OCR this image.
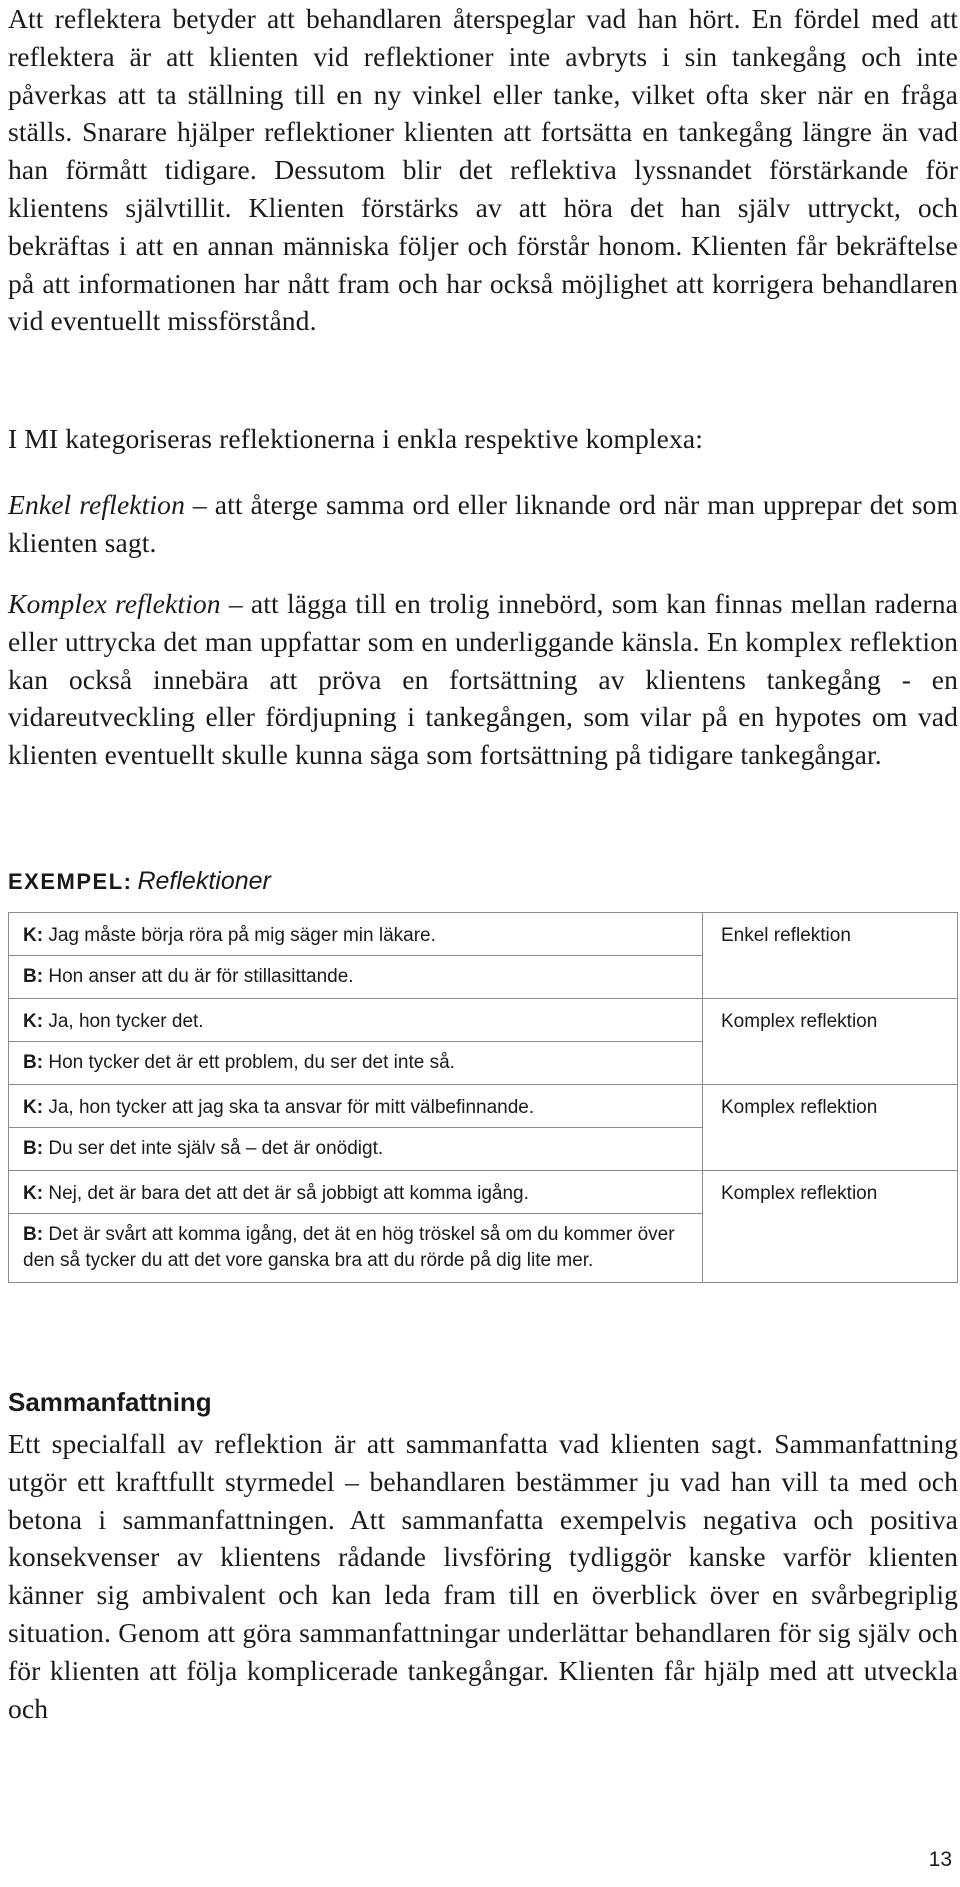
Att reflektera betyder att behandlaren återspeglar vad han hört. En fördel med att reflektera är att klienten vid reflektioner inte avbryts i sin tankegång och inte påverkas att ta ställning till en ny vinkel eller tanke, vilket ofta sker när en fråga ställs. Snarare hjälper reflektioner klienten att fortsätta en tankegång längre än vad han förmått tidigare. Dessutom blir det reflektiva lyssnandet förstärkande för klientens självtillit. Klienten förstärks av att höra det han själv uttryckt, och bekräftas i att en annan människa följer och förstår honom. Klienten får bekräftelse på att informationen har nått fram och har också möjlighet att korrigera behandlaren vid eventuellt missförstånd.

I MI kategoriseras reflektionerna i enkla respektive komplexa:

Enkel reflektion – att återge samma ord eller liknande ord när man upprepar det som klienten sagt.

Komplex reflektion – att lägga till en trolig innebörd, som kan finnas mellan raderna eller uttrycka det man uppfattar som en underliggande känsla. En komplex reflektion kan också innebära att pröva en fortsättning av klientens tankegång - en vidareutveckling eller fördjupning i tankegången, som vilar på en hypotes om vad klienten eventuellt skulle kunna säga som fortsättning på tidigare tankegångar.

EXEMPEL: Reflektioner
K: Jag måste börja röra på mig säger min läkare.
B: Hon anser att du är för stillasittande.	Enkel reflektion

K: Ja, hon tycker det.
B: Hon tycker det är ett problem, du ser det inte så.	Komplex reflektion

K: Ja, hon tycker att jag ska ta ansvar för mitt välbefinnande.
B: Du ser det inte själv så – det är onödigt.	Komplex reflektion

K: Nej, det är bara det att det är så jobbigt att komma igång.
B: Det är svårt att komma igång, det ät en hög tröskel så om du kommer över den så tycker du att det vore ganska bra att du rörde på dig lite mer.	Komplex reflektion
Sammanfattning

Ett specialfall av reflektion är att sammanfatta vad klienten sagt. Sammanfattning utgör ett kraftfullt styrmedel – behandlaren bestämmer ju vad han vill ta med och betona i sammanfattningen. Att sammanfatta exempelvis negativa och positiva konsekvenser av klientens rådande livsföring tydliggör kanske varför klienten känner sig ambivalent och kan leda fram till en överblick över en svårbegriplig situation. Genom att göra sammanfattningar underlättar behandlaren för sig själv och för klienten att följa komplicerade tankegångar. Klienten får hjälp med att utveckla och

13
